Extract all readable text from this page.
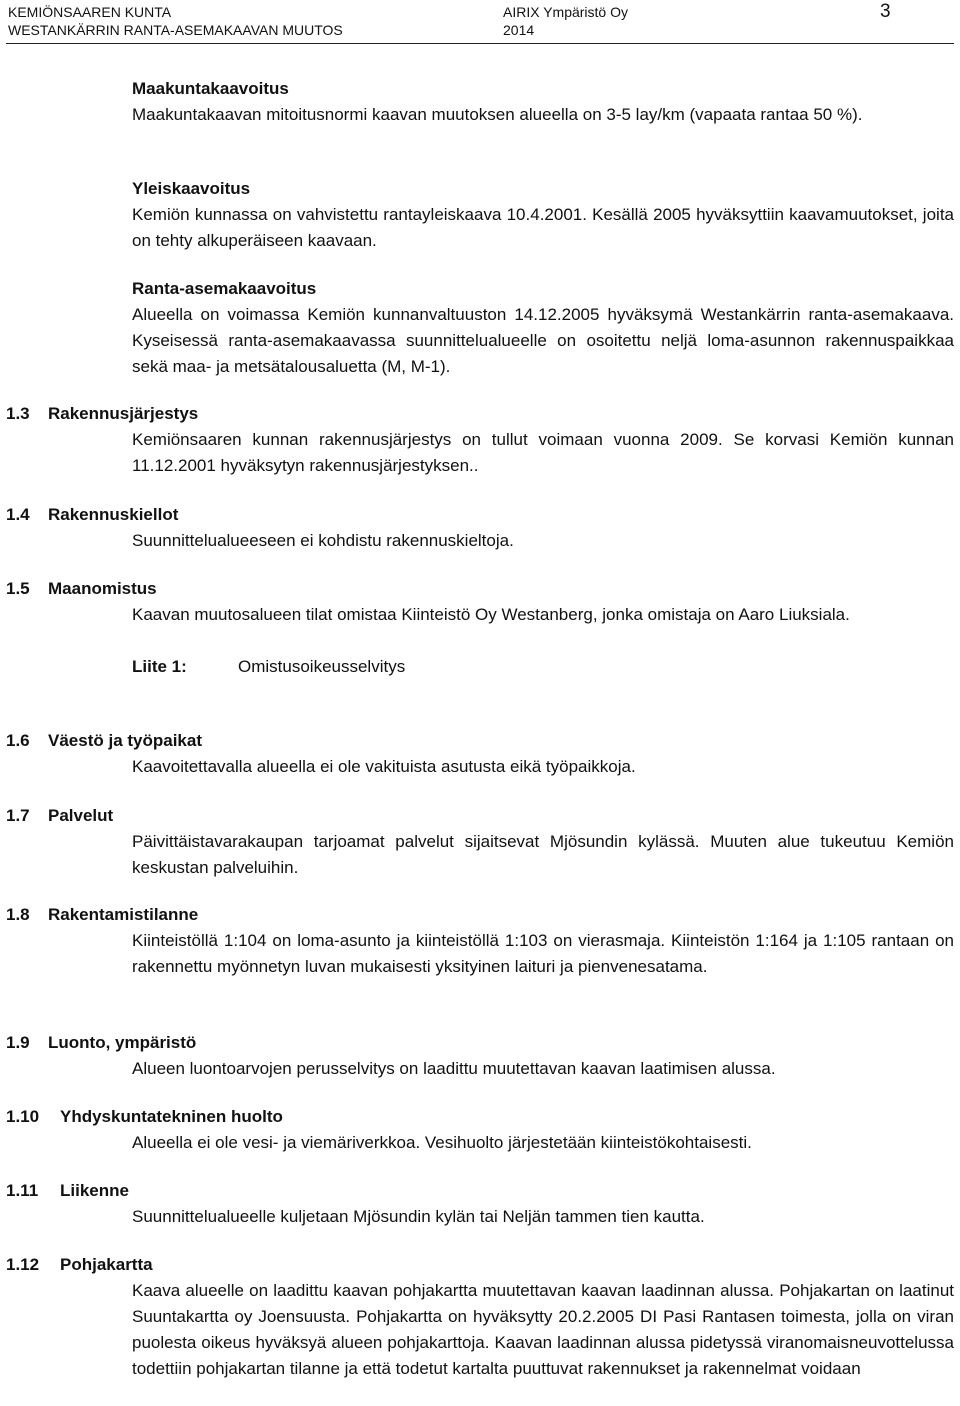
KEMIÖNSAAREN KUNTA
WESTANKÄRRIN RANTA-ASEMAKAAVAN MUUTOS
AIRIX Ympäristö Oy
2014
3
Maakuntakaavoitus
Maakuntakaavan mitoitusnormi kaavan muutoksen alueella on 3-5 lay/km (vapaata rantaa 50 %).
Yleiskaavoitus
Kemiön kunnassa on vahvistettu rantayleiskaava 10.4.2001. Kesällä 2005 hyväksyttiin kaavamuutokset, joita on tehty alkuperäiseen kaavaan.
Ranta-asemakaavoitus
Alueella on voimassa Kemiön kunnanvaltuuston 14.12.2005 hyväksymä Westankärrin ranta-asemakaava. Kyseisessä ranta-asemakaavassa suunnittelualueelle on osoitettu neljä loma-asunnon rakennuspaikkaa sekä maa- ja metsätalousaluetta (M, M-1).
1.3	Rakennusjärjestys
Kemiönsaaren kunnan rakennusjärjestys on tullut voimaan vuonna 2009. Se korvasi Kemiön kunnan 11.12.2001 hyväksytyn rakennusjärjestyksen..
1.4	Rakennuskiellot
Suunnittelualueeseen ei kohdistu rakennuskieltoja.
1.5	Maanomistus
Kaavan muutosalueen tilat omistaa Kiinteistö Oy Westanberg, jonka omistaja on Aaro Liuksiala.
Liite 1:	Omistusoikeusselvitys
1.6	Väestö ja työpaikat
Kaavoitettavalla alueella ei ole vakituista asutusta eikä työpaikkoja.
1.7	Palvelut
Päivittäistavarakaupan tarjoamat palvelut sijaitsevat Mjösundin kylässä. Muuten alue tukeutuu Kemiön keskustan palveluihin.
1.8	Rakentamistilanne
Kiinteistöllä 1:104 on loma-asunto ja kiinteistöllä 1:103 on vierasmaja. Kiinteistön 1:164 ja 1:105 rantaan on rakennettu myönnetyn luvan mukaisesti yksityinen laituri ja pienvenesatama.
1.9	Luonto, ympäristö
Alueen luontoarvojen perusselvitys on laadittu muutettavan kaavan laatimisen alussa.
1.10	Yhdyskuntatekninen huolto
Alueella ei ole vesi- ja viemäriverkkoa. Vesihuolto järjestetään kiinteistökohtaisesti.
1.11	Liikenne
Suunnittelualueelle kuljetaan Mjösundin kylän tai Neljän tammen tien kautta.
1.12	Pohjakartta
Kaava alueelle on laadittu kaavan pohjakartta muutettavan kaavan laadinnan alussa. Pohjakartan on laatinut Suuntakartta oy Joensuusta. Pohjakartta on hyväksytty 20.2.2005 DI Pasi Rantasen toimesta, jolla on viran puolesta oikeus hyväksyä alueen pohjakarttoja. Kaavan laadinnan alussa pidetyssä viranomaisneuvottelussa todettiin pohjakartan tilanne ja että todetut kartalta puuttuvat rakennukset ja rakennelmat voidaan
